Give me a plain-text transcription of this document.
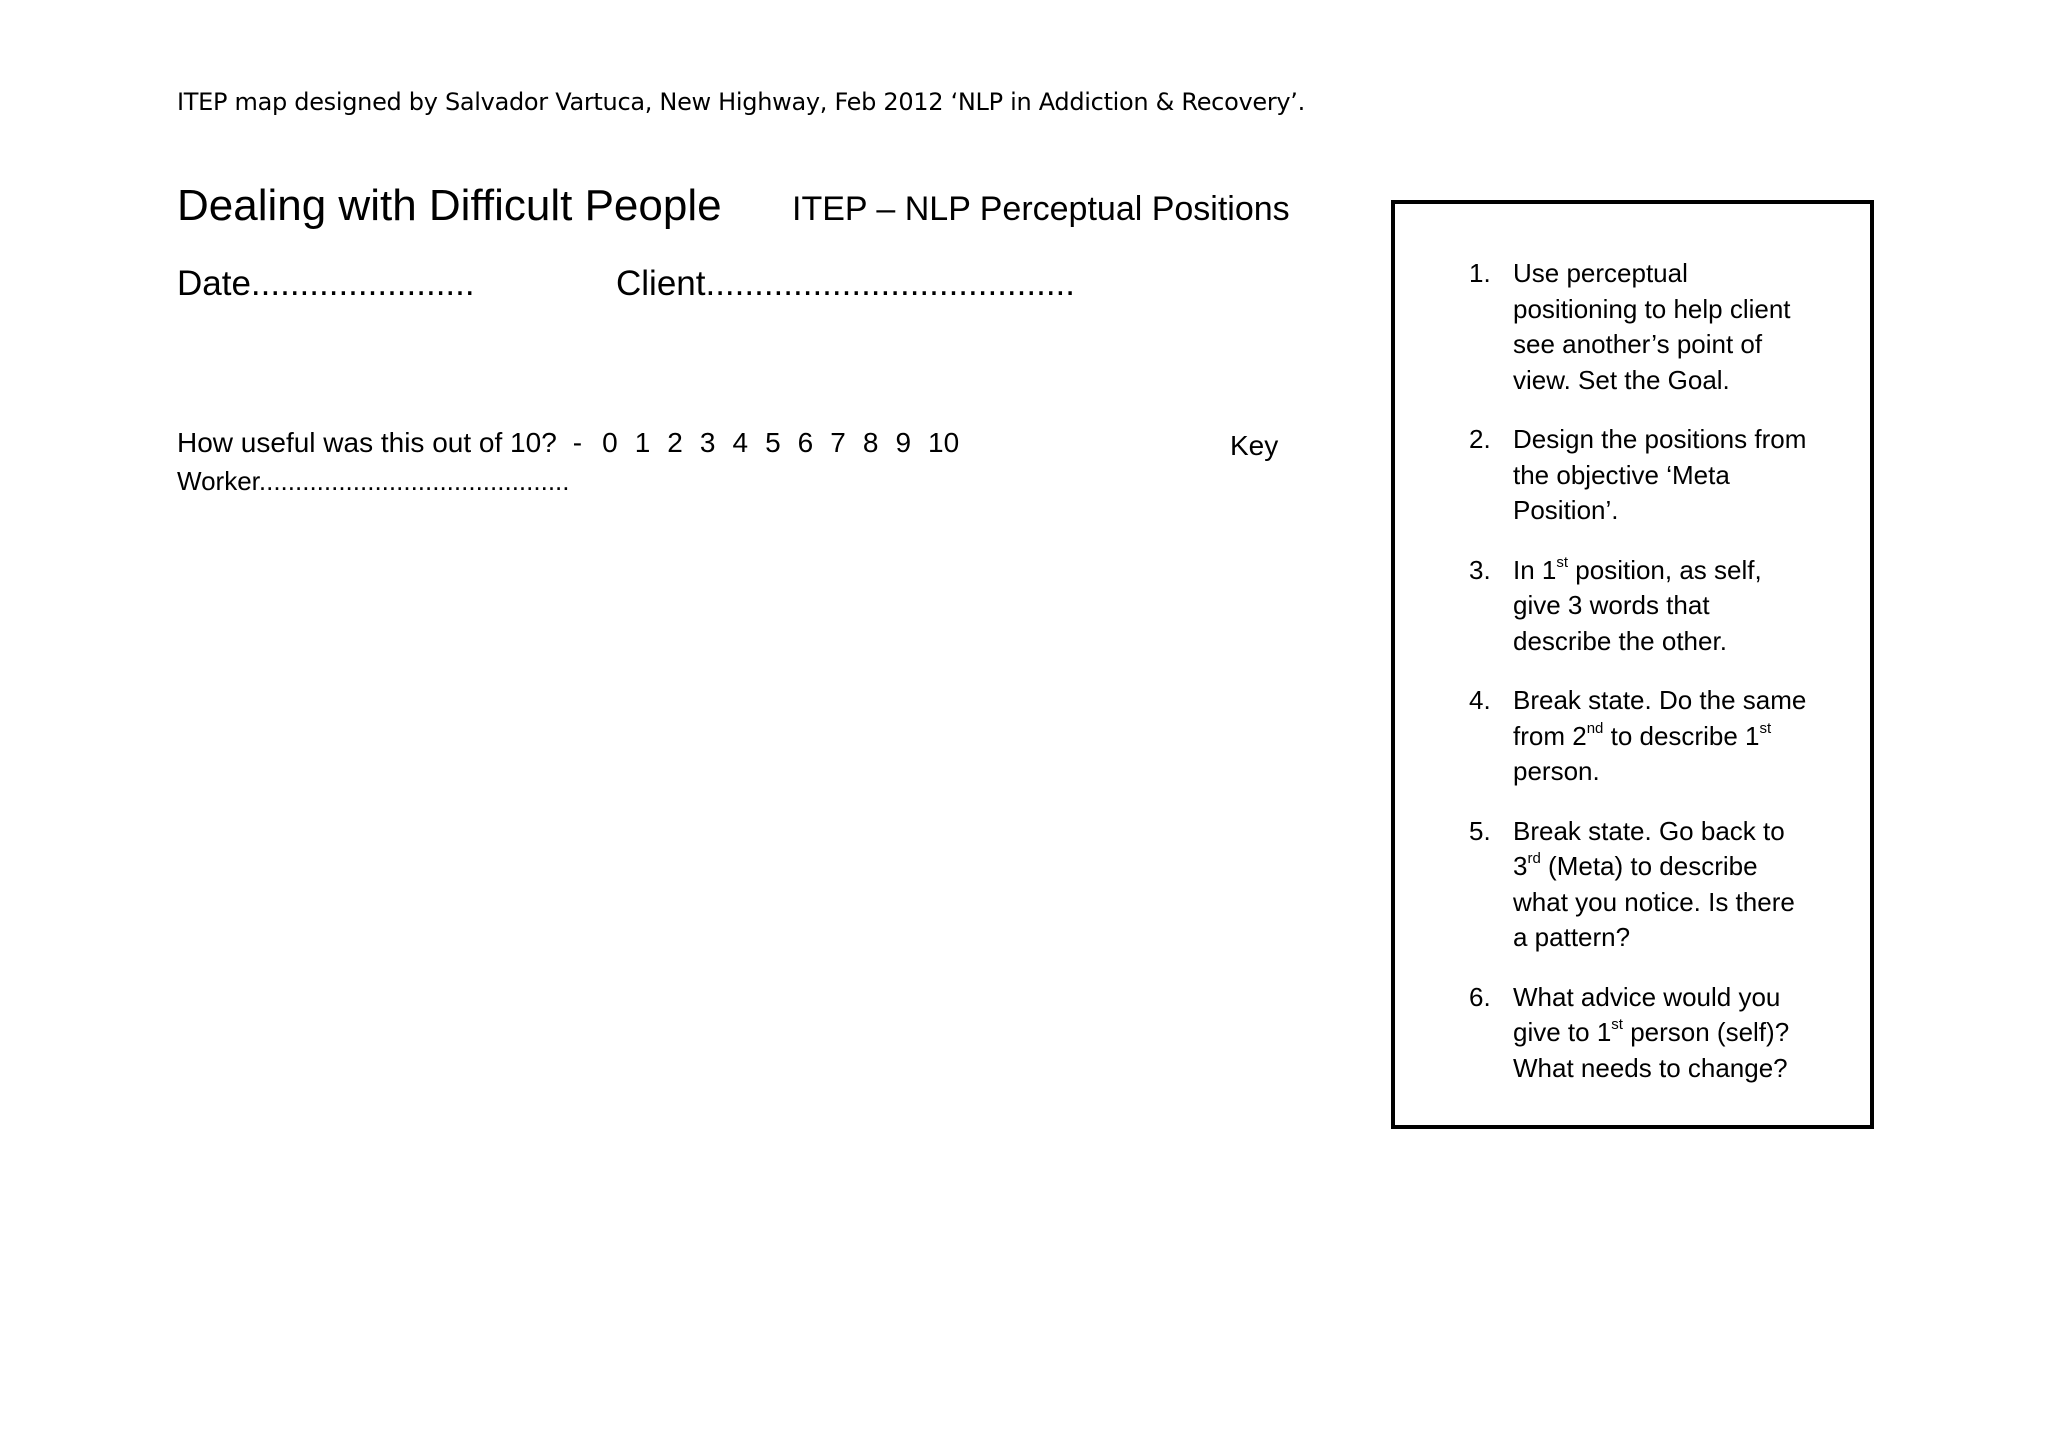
ITEP map designed by Salvador Vartuca, New Highway, Feb 2012 ‘NLP in Addiction & Recovery’.
Dealing with Difficult People ITEP – NLP Perceptual Positions
Date.......................	Client......................................
How useful was this out of 10? - 0 1 2 3 4 5 6 7 8 9 10	Key
Worker...........................................
1. Use perceptual positioning to help client see another’s point of view. Set the Goal.
2. Design the positions from the objective ‘Meta Position’.
3. In 1st position, as self, give 3 words that describe the other.
4. Break state. Do the same from 2nd to describe 1st person.
5. Break state. Go back to 3rd (Meta) to describe what you notice. Is there a pattern?
6. What advice would you give to 1st person (self)? What needs to change?
